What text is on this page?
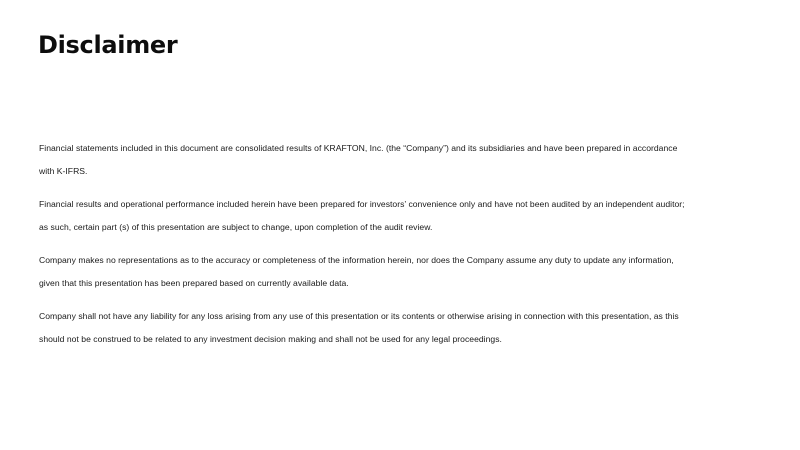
Disclaimer

Financial statements included in this document are consolidated results of KRAFTON, Inc. (the “Company”) and its subsidiaries and have been prepared in accordance with K-IFRS.

Financial results and operational performance included herein have been prepared for investors’ convenience only and have not been audited by an independent auditor; as such, certain part (s) of this presentation are subject to change, upon completion of the audit review.

Company makes no representations as to the accuracy or completeness of the information herein, nor does the Company assume any duty to update any information, given that this presentation has been prepared based on currently available data.

Company shall not have any liability for any loss arising from any use of this presentation or its contents or otherwise arising in connection with this presentation, as this should not be construed to be related to any investment decision making and shall not be used for any legal proceedings.
